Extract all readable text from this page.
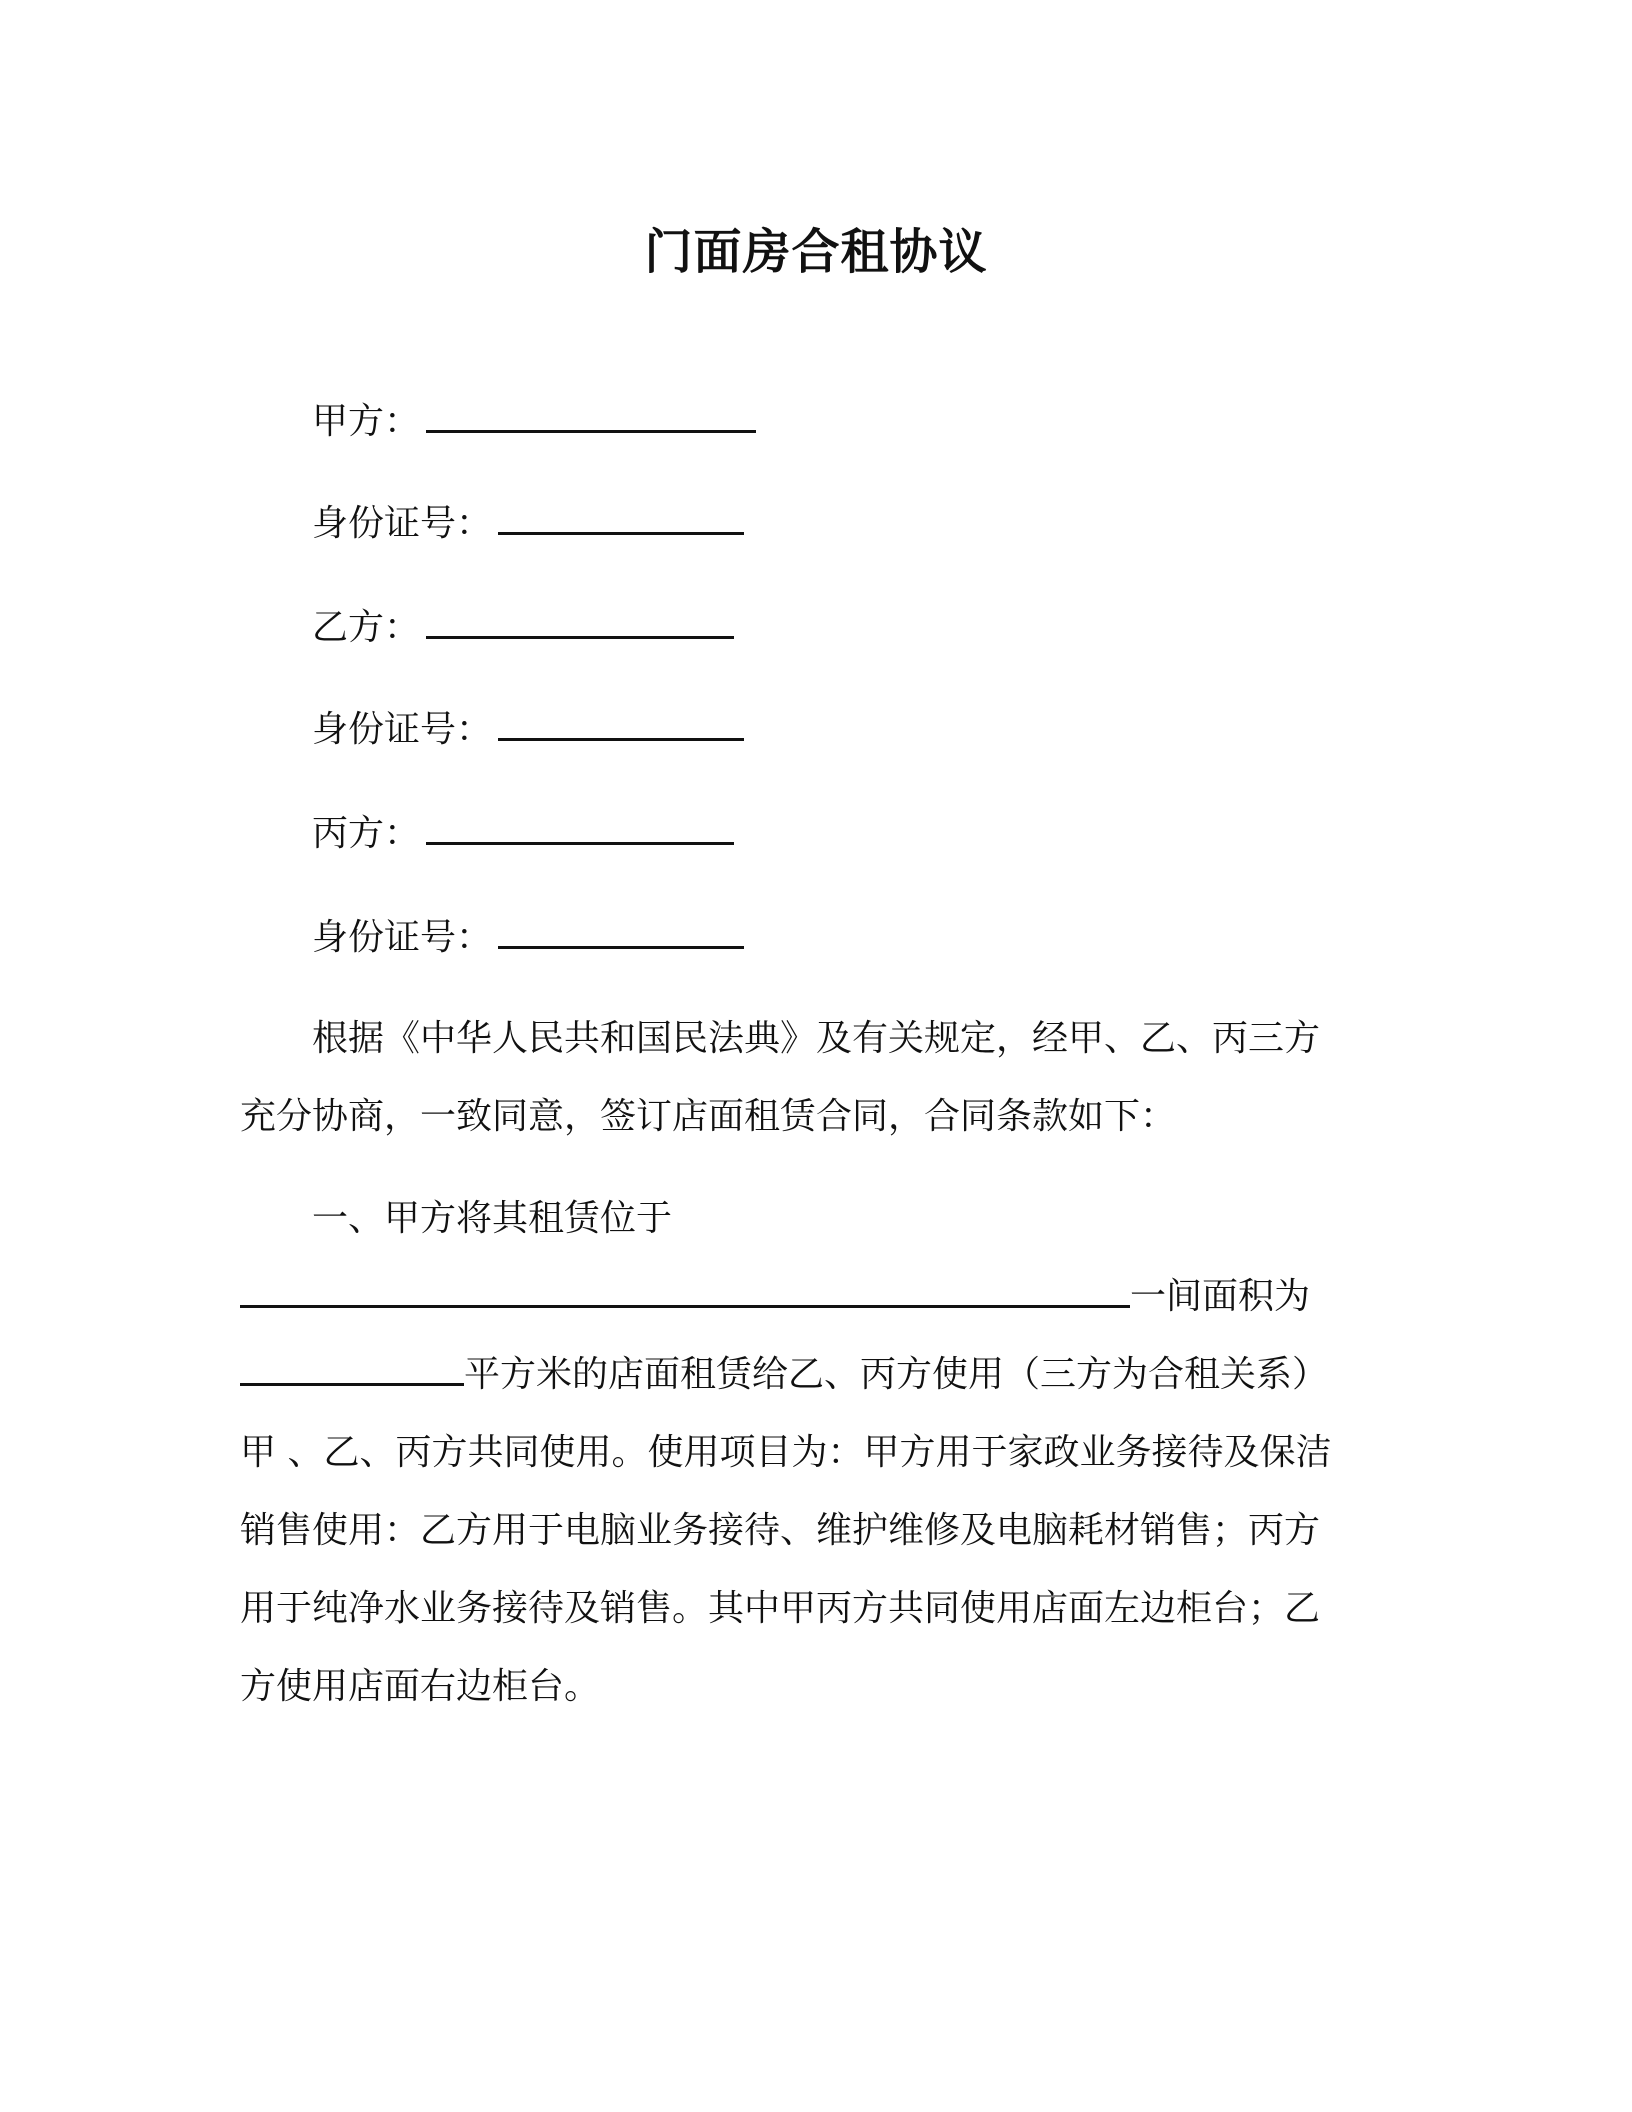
门面房合租协议
甲方：
身份证号：
乙方：
身份证号：
丙方：
身份证号：
根据《中华人民共和国民法典》及有关规定，经甲、乙、丙三方
充分协商，一致同意，签订店面租赁合同，合同条款如下：
一、甲方将其租赁位于
一间面积为
平方米的店面租赁给乙、丙方使用（三方为合租关系）
甲 、乙、丙方共同使用。使用项目为：甲方用于家政业务接待及保洁
销售使用：乙方用于电脑业务接待、维护维修及电脑耗材销售；丙方
用于纯净水业务接待及销售。其中甲丙方共同使用店面左边柜台；乙
方使用店面右边柜台。
